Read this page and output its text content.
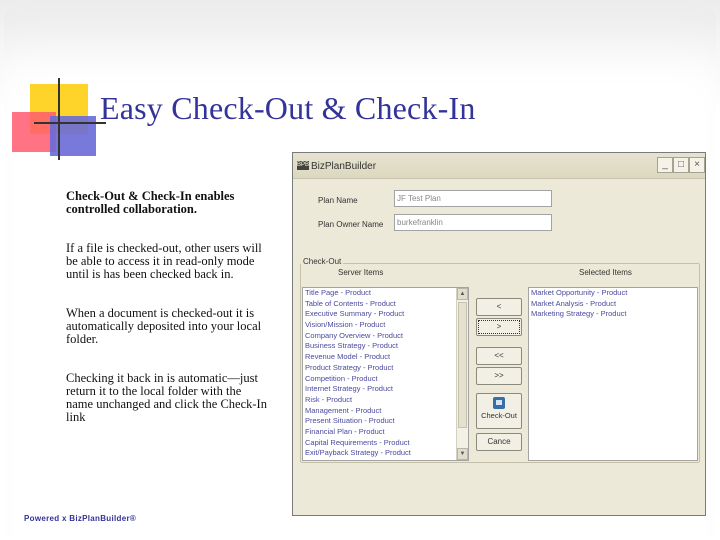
Easy Check-Out & Check-In
Check-Out & Check-In enables controlled collaboration.
If a file is checked-out, other users will be able to access it in read-only mode until is has been checked back in.
When a document is checked-out it is automatically deposited into your local folder.
Checking it back in is automatic—just return it to the local folder with the name unchanged and click the Check-In link
Powered x BizPlanBuilder®
BPB BizPlanBuilder	_	□	×
Plan Name	JF Test Plan
Plan Owner Name	burkefranklin
Check-Out
Server Items	Selected Items
Title Page - Product
Table of Contents - Product
Executive Summary - Product
Vision/Mission - Product
Company Overview - Product
Business Strategy - Product
Revenue Model - Product
Product Strategy - Product
Competition - Product
Internet Strategy - Product
Risk - Product
Management - Product
Present Situation - Product
Financial Plan - Product
Capital Requirements - Product
Exit/Payback Strategy - Product
▲
▼
Market Opportunity - Product
Market Analysis - Product
Marketing Strategy - Product
<
>
<<
>>
Check-Out
Cance
